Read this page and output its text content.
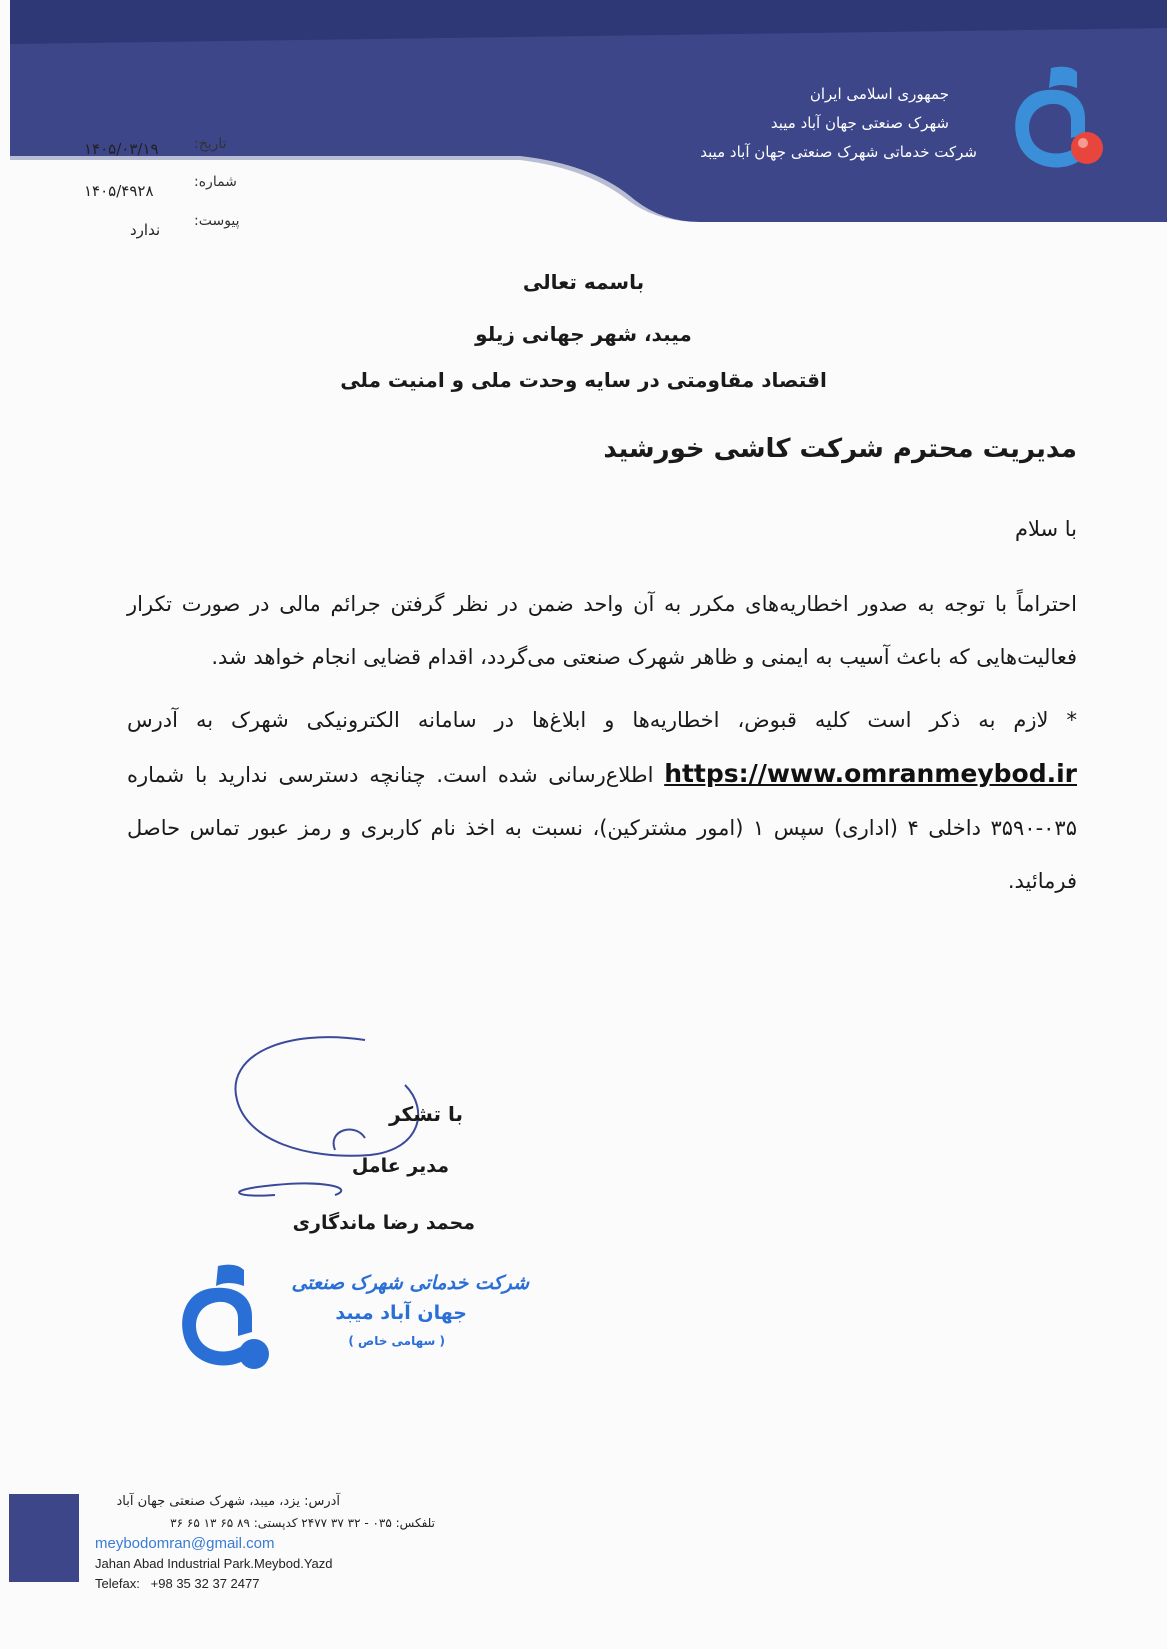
جمهوری اسلامی ایران
شهرک صنعتی جهان آباد میبد
شرکت خدماتی شهرک صنعتی جهان آباد میبد
تاریخ:
۱۴۰۵/۰۳/۱۹
شماره:
۱۴۰۵/۴۹۲۸
پیوست:
ندارد
باسمه تعالی
میبد، شهر جهانی زیلو
اقتصاد مقاومتی در سایه وحدت ملی و امنیت ملی
مدیریت محترم شرکت کاشی خورشید
با سلام

احتراماً با توجه به صدور اخطاریه‌های مکرر به آن واحد ضمن در نظر گرفتن جرائم مالی در صورت تکرار فعالیت‌هایی که باعث آسیب به ایمنی و ظاهر شهرک صنعتی می‌گردد، اقدام قضایی انجام خواهد شد.

* لازم به ذکر است کلیه قبوض، اخطاریه‌ها و ابلاغ‌ها در سامانه الکترونیکی شهرک به آدرس https://www.omranmeybod.ir اطلاع‌رسانی شده است. چنانچه دسترسی ندارید با شماره ۰۳۵-۳۵۹۰ داخلی ۴ (اداری) سپس ۱ (امور مشترکین)، نسبت به اخذ نام کاربری و رمز عبور تماس حاصل فرمائید.

با تشکر
مدیر عامل
محمد رضا ماندگاری
شرکت خدماتی شهرک صنعتی
جهان آباد میبد
( سهامی خاص )
آدرس: یزد، میبد، شهرک صنعتی جهان آباد
تلفکس: ۰۳۵ - ۳۲ ۳۷ ۲۴۷۷ کدپستی: ۸۹ ۶۵ ۱۳ ۶۵ ۳۶
meybodomran@gmail.com
Jahan Abad Industrial Park.Meybod.Yazd
Telefax: +98 35 32 37 2477
